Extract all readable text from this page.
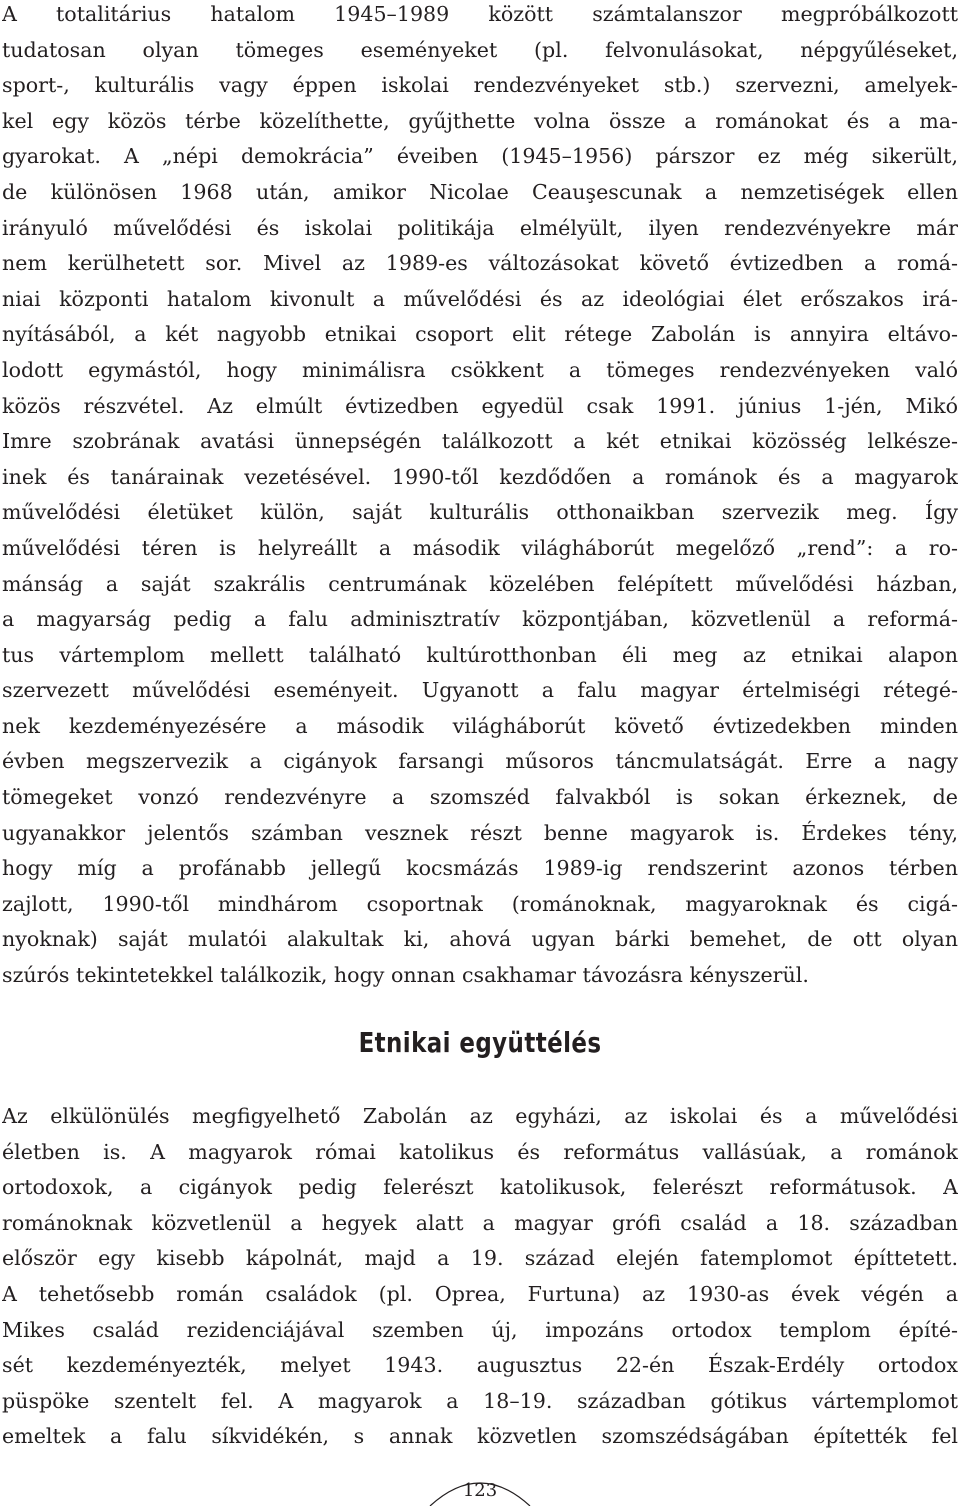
A totalitárius hatalom 1945–1989 között számtalanszor megpróbálkozott
tudatosan olyan tömeges eseményeket (pl. felvonulásokat, népgyűléseket,
sport-, kulturális vagy éppen iskolai rendezvényeket stb.) szervezni, amelyek-
kel egy közös térbe közelíthette, gyűjthette volna össze a románokat és a ma-
gyarokat. A „népi demokrácia” éveiben (1945–1956) párszor ez még sikerült,
de különösen 1968 után, amikor Nicolae Ceauşescunak a nemzetiségek ellen
irányuló művelődési és iskolai politikája elmélyült, ilyen rendezvényekre már
nem kerülhetett sor. Mivel az 1989-es változásokat követő évtizedben a romá-
niai központi hatalom kivonult a művelődési és az ideológiai élet erőszakos irá-
nyításából, a két nagyobb etnikai csoport elit rétege Zabolán is annyira eltávo-
lodott egymástól, hogy minimálisra csökkent a tömeges rendezvényeken való
közös részvétel. Az elmúlt évtizedben egyedül csak 1991. június 1-jén, Mikó
Imre szobrának avatási ünnepségén találkozott a két etnikai közösség lelkésze-
inek és tanárainak vezetésével. 1990-től kezdődően a románok és a magyarok
művelődési életüket külön, saját kulturális otthonaikban szervezik meg. Így
művelődési téren is helyreállt a második világháborút megelőző „rend”: a ro-
mánság a saját szakrális centrumának közelében felépített művelődési házban,
a magyarság pedig a falu adminisztratív központjában, közvetlenül a reformá-
tus vártemplom mellett található kultúrotthonban éli meg az etnikai alapon
szervezett művelődési eseményeit. Ugyanott a falu magyar értelmiségi rétegé-
nek kezdeményezésére a második világháborút követő évtizedekben minden
évben megszervezik a cigányok farsangi műsoros táncmulatságát. Erre a nagy
tömegeket vonzó rendezvényre a szomszéd falvakból is sokan érkeznek, de
ugyanakkor jelentős számban vesznek részt benne magyarok is. Érdekes tény,
hogy míg a profánabb jellegű kocsmázás 1989-ig rendszerint azonos térben
zajlott, 1990-től mindhárom csoportnak (románoknak, magyaroknak és cigá-
nyoknak) saját mulatói alakultak ki, ahová ugyan bárki bemehet, de ott olyan
szúrós tekintetekkel találkozik, hogy onnan csakhamar távozásra kényszerül.
Etnikai együttélés
Az elkülönülés megfigyelhető Zabolán az egyházi, az iskolai és a művelődési
életben is. A magyarok római katolikus és református vallásúak, a románok
ortodoxok, a cigányok pedig felerészt katolikusok, felerészt reformátusok. A
románoknak közvetlenül a hegyek alatt a magyar grófi család a 18. században
először egy kisebb kápolnát, majd a 19. század elején fatemplomot építtetett.
A tehetősebb román családok (pl. Oprea, Furtuna) az 1930-as évek végén a
Mikes család rezidenciájával szemben új, impozáns ortodox templom építé-
sét kezdeményezték, melyet 1943. augusztus 22-én Észak-Erdély ortodox
püspöke szentelt fel. A magyarok a 18–19. században gótikus vártemplomot
emeltek a falu síkvidékén, s annak közvetlen szomszédságában építették fel
123
